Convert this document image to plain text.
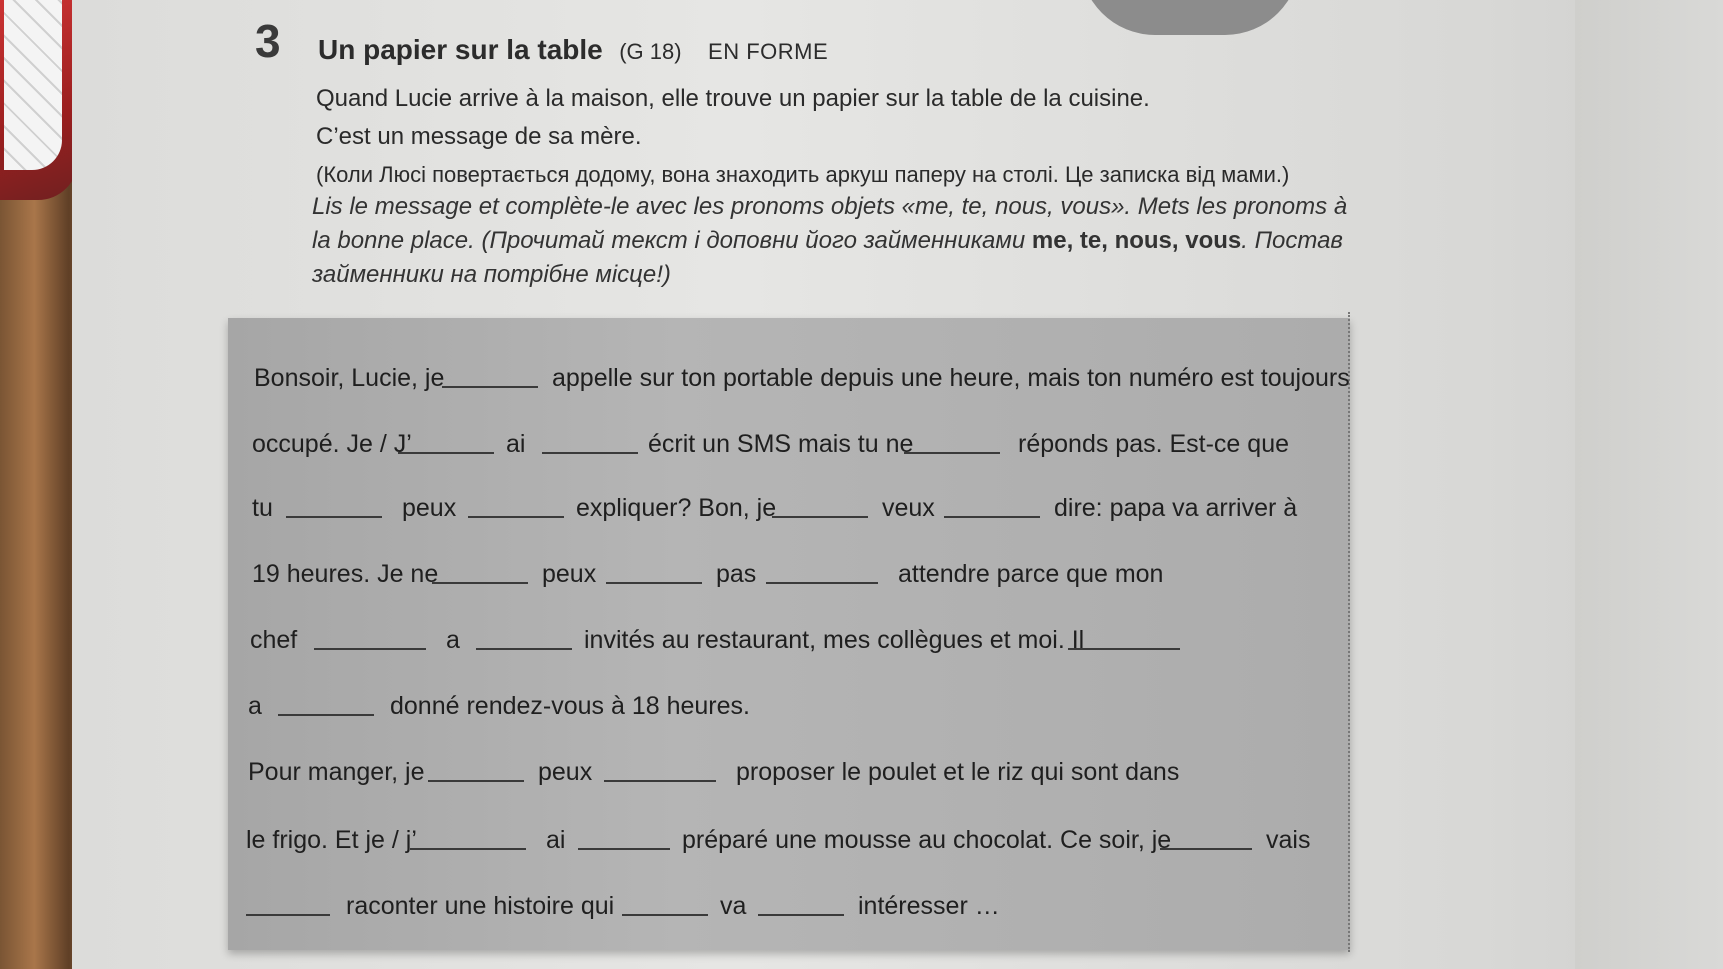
3 Un papier sur la table (G 18) EN FORME
Quand Lucie arrive à la maison, elle trouve un papier sur la table de la cuisine.
C’est un message de sa mère.
(Коли Люсі повертається додому, вона знаходить аркуш паперу на столі. Це записка від мами.)
Lis le message et complète-le avec les pronoms objets «me, te, nous, vous». Mets les pronoms à
la bonne place. (Прочитай текст і доповни його займенниками me, te, nous, vous. Постав
займенники на потрібне місце!)
Bonsoir, Lucie, je	appelle sur ton portable depuis une heure, mais ton numéro est toujours
occupé. Je / J’	ai	écrit un SMS mais tu ne	réponds pas. Est-ce que
tu	peux	expliquer? Bon, je	veux	dire: papa va arriver à
19 heures. Je ne	peux	pas	attendre parce que mon
chef	a	invités au restaurant, mes collègues et moi. Il
a	donné rendez-vous à 18 heures.
Pour manger, je	peux	proposer le poulet et le riz qui sont dans
le frigo. Et je / j’	ai	préparé une mousse au chocolat. Ce soir, je	vais
raconter une histoire qui	va	intéresser …
